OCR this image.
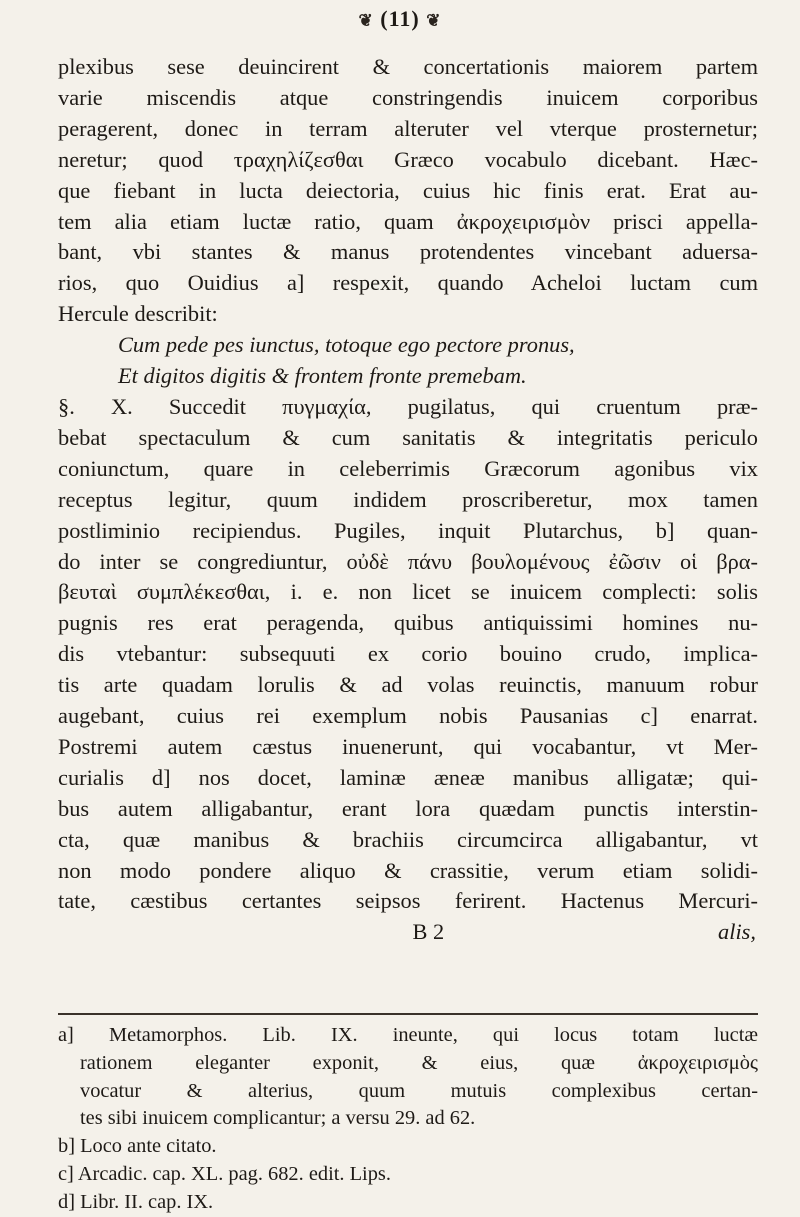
❦ (11) ❦
plexibus sese deuincirent & concertationis maiorem partem
varie miscendis atque constringendis inuicem corporibus
peragerent, donec in terram alteruter vel vterque prosternetur;
neretur; quod τραχηλίζεσθαι Græco vocabulo dicebant. Hæc-
que fiebant in lucta deiectoria, cuius hic finis erat. Erat au-
tem alia etiam luctæ ratio, quam ἀκροχειρισμὸν prisci appella-
bant, vbi stantes & manus protendentes vincebant aduersa-
rios, quo Ouidius a] respexit, quando Acheloi luctam cum
Hercule describit:
Cum pede pes iunctus, totoque ego pectore pronus,
Et digitos digitis & frontem fronte premebam.
§. X. Succedit πυγμαχία, pugilatus, qui cruentum præ-
bebat spectaculum & cum sanitatis & integritatis periculo
coniunctum, quare in celeberrimis Græcorum agonibus vix
receptus legitur, quum indidem proscriberetur, mox tamen
postliminio recipiendus. Pugiles, inquit Plutarchus, b] quan-
do inter se congrediuntur, οὐδὲ πάνυ βουλομένους ἐῶσιν οἱ βρα-
βευταὶ συμπλέκεσθαι, i. e. non licet se inuicem complecti: solis
pugnis res erat peragenda, quibus antiquissimi homines nu-
dis vtebantur: subsequuti ex corio bouino crudo, implica-
tis arte quadam lorulis & ad volas reuinctis, manuum robur
augebant, cuius rei exemplum nobis Pausanias c] enarrat.
Postremi autem cæstus inuenerunt, qui vocabantur, vt Mer-
curialis d] nos docet, laminæ æneæ manibus alligatæ; qui-
bus autem alligabantur, erant lora quædam punctis interstin-
cta, quæ manibus & brachiis circumcirca alligabantur, vt
non modo pondere aliquo & crassitie, verum etiam solidi-
tate, cæstibus certantes seipsos ferirent. Hactenus Mercuri-
B 2	alis,
a] Metamorphos. Lib. IX. ineunte, qui locus totam luctæ
rationem eleganter exponit, & eius, quæ ἀκροχειρισμὸς
vocatur & alterius, quum mutuis complexibus certan-
tes sibi inuicem complicantur; a versu 29. ad 62.
b] Loco ante citato.
c] Arcadic. cap. XL. pag. 682. edit. Lips.
d] Libr. II. cap. IX.
